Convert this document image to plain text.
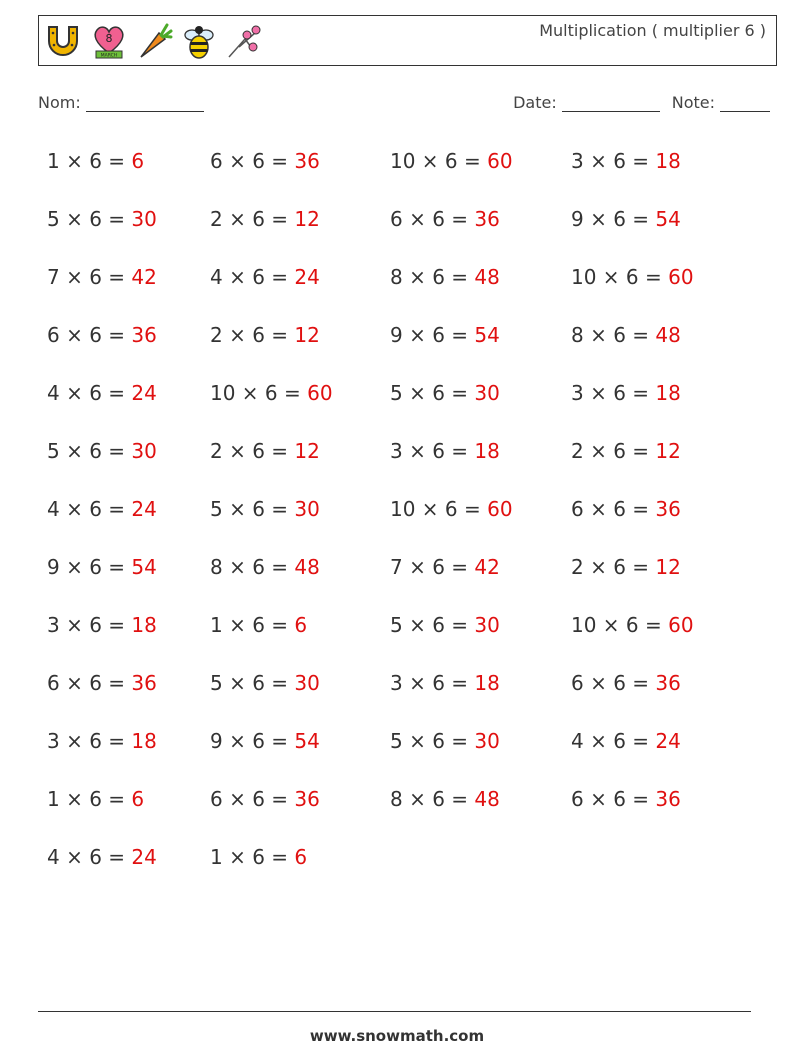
8
MARCH
Multiplication ( multiplier 6 )
Nom:	Date:	Note:
1 × 6 = 6
5 × 6 = 30
7 × 6 = 42
6 × 6 = 36
4 × 6 = 24
5 × 6 = 30
4 × 6 = 24
9 × 6 = 54
3 × 6 = 18
6 × 6 = 36
3 × 6 = 18
1 × 6 = 6
4 × 6 = 24
6 × 6 = 36
2 × 6 = 12
4 × 6 = 24
2 × 6 = 12
10 × 6 = 60
2 × 6 = 12
5 × 6 = 30
8 × 6 = 48
1 × 6 = 6
5 × 6 = 30
9 × 6 = 54
6 × 6 = 36
1 × 6 = 6
10 × 6 = 60
6 × 6 = 36
8 × 6 = 48
9 × 6 = 54
5 × 6 = 30
3 × 6 = 18
10 × 6 = 60
7 × 6 = 42
5 × 6 = 30
3 × 6 = 18
5 × 6 = 30
8 × 6 = 48
3 × 6 = 18
9 × 6 = 54
10 × 6 = 60
8 × 6 = 48
3 × 6 = 18
2 × 6 = 12
6 × 6 = 36
2 × 6 = 12
10 × 6 = 60
6 × 6 = 36
4 × 6 = 24
6 × 6 = 36
www.snowmath.com
